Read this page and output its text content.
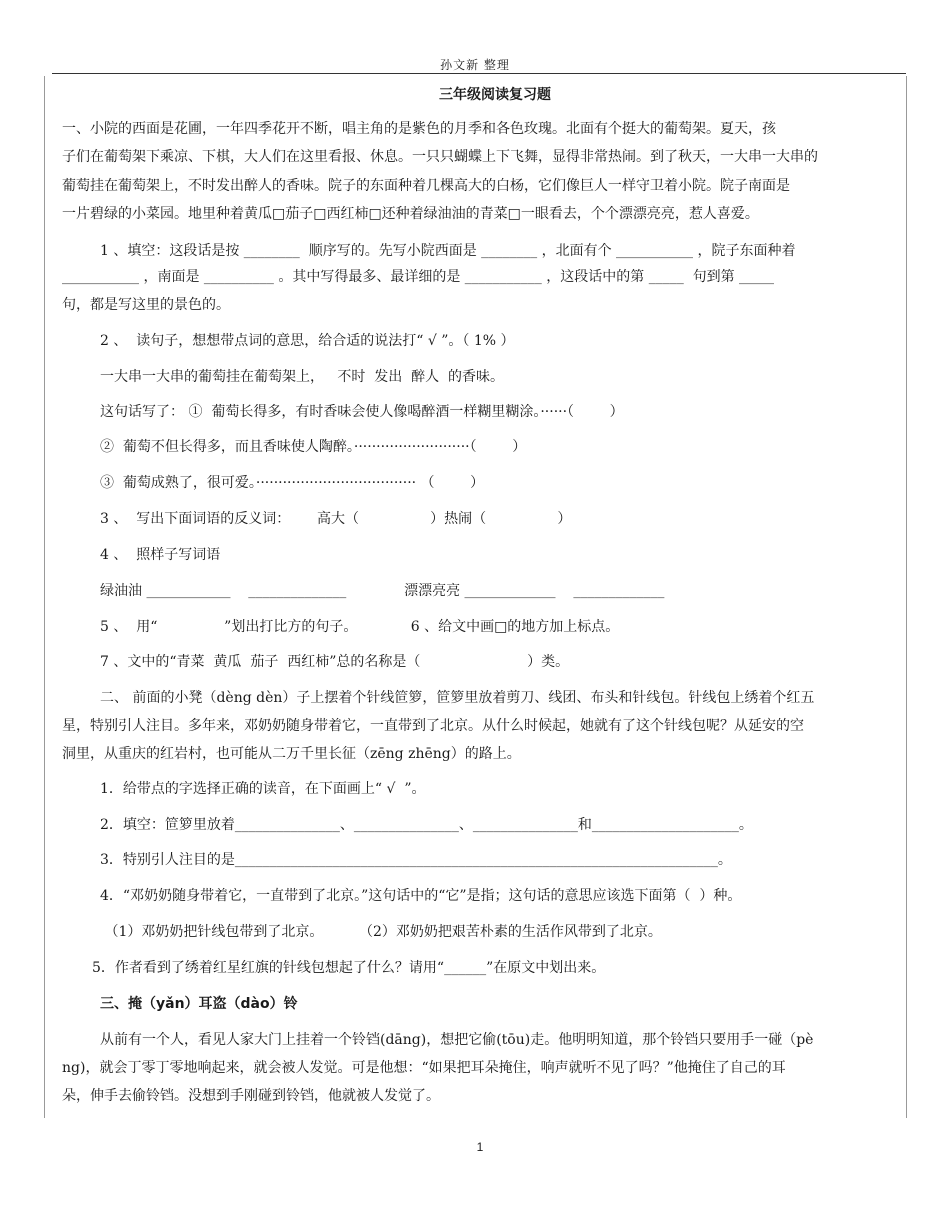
孙文新 整理
三年级阅读复习题
一、小院的西面是花圃，一年四季花开不断，唱主角的是紫色的月季和各色玫瑰。北面有个挺大的葡萄架。夏天，孩
子们在葡萄架下乘凉、下棋，大人们在这里看报、休息。一只只蝴蝶上下飞舞，显得非常热闹。到了秋天，一大串一大串的
葡萄挂在葡萄架上，不时发出醉人的香味。院子的东面种着几棵高大的白杨，它们像巨人一样守卫着小院。院子南面是
一片碧绿的小菜园。地里种着黄瓜□茄子□西红柿□还种着绿油油的青菜□一眼看去，个个漂漂亮亮，惹人喜爱。
1 、填空：这段话是按 ________  顺序写的。先写小院西面是 ________ ，北面有个 ___________ ，院子东面种着
___________ ，南面是 __________ 。其中写得最多、最详细的是 ___________ ，这段话中的第 _____  句到第 _____
句，都是写这里的景色的。
2 、  读句子，想想带点词的意思，给合适的说法打“ √ ”。（ 1% ）
一大串一大串的葡萄挂在葡萄架上，   不时  发出  醉人  的香味。
这句话写了： ①  葡萄长得多，有时香味会使人像喝醉酒一样糊里糊涂。······（        ）
②  葡萄不但长得多，而且香味使人陶醉。··························（        ）
③  葡萄成熟了，很可爱。···································· （        ）
3 、  写出下面词语的反义词：      高大（                ）热闹（                ）
4 、  照样子写词语
绿油油 ____________    ______________             漂漂亮亮 _____________    _____________
5 、  用“               ”划出打比方的句子。            6 、给文中画□的地方加上标点。
7 、文中的“青菜  黄瓜  茄子  西红柿”总的名称是（                        ）类。
二、 前面的小凳（dèng dèn）子上摆着个针线笸箩，笸箩里放着剪刀、线团、布头和针线包。针线包上绣着个红五
星，特别引人注目。多年来，邓奶奶随身带着它，一直带到了北京。从什么时候起，她就有了这个针线包呢？从延安的空
洞里，从重庆的红岩村，也可能从二万千里长征（zēng zhēng）的路上。
1．给带点的字选择正确的读音，在下面画上“ √  ”。
2．填空：笸箩里放着_______________、_______________、_______________和_____________________。
3．特别引人注目的是_____________________________________________________________________。
4．“邓奶奶随身带着它，一直带到了北京。”这句话中的“它”是指；这句话的意思应该选下面第（  ）种。
（1）邓奶奶把针线包带到了北京。        （2）邓奶奶把艰苦朴素的生活作风带到了北京。
5．作者看到了绣着红星红旗的针线包想起了什么？请用“______”在原文中划出来。
三、掩（yǎn）耳盗（dào）铃
从前有一个人，看见人家大门上挂着一个铃铛(dāng)，想把它偷(tōu)走。他明明知道，那个铃铛只要用手一碰（pè
ng)，就会丁零丁零地响起来，就会被人发觉。可是他想：“如果把耳朵掩住，响声就听不见了吗？”他掩住了自己的耳
朵，伸手去偷铃铛。没想到手刚碰到铃铛，他就被人发觉了。
1
